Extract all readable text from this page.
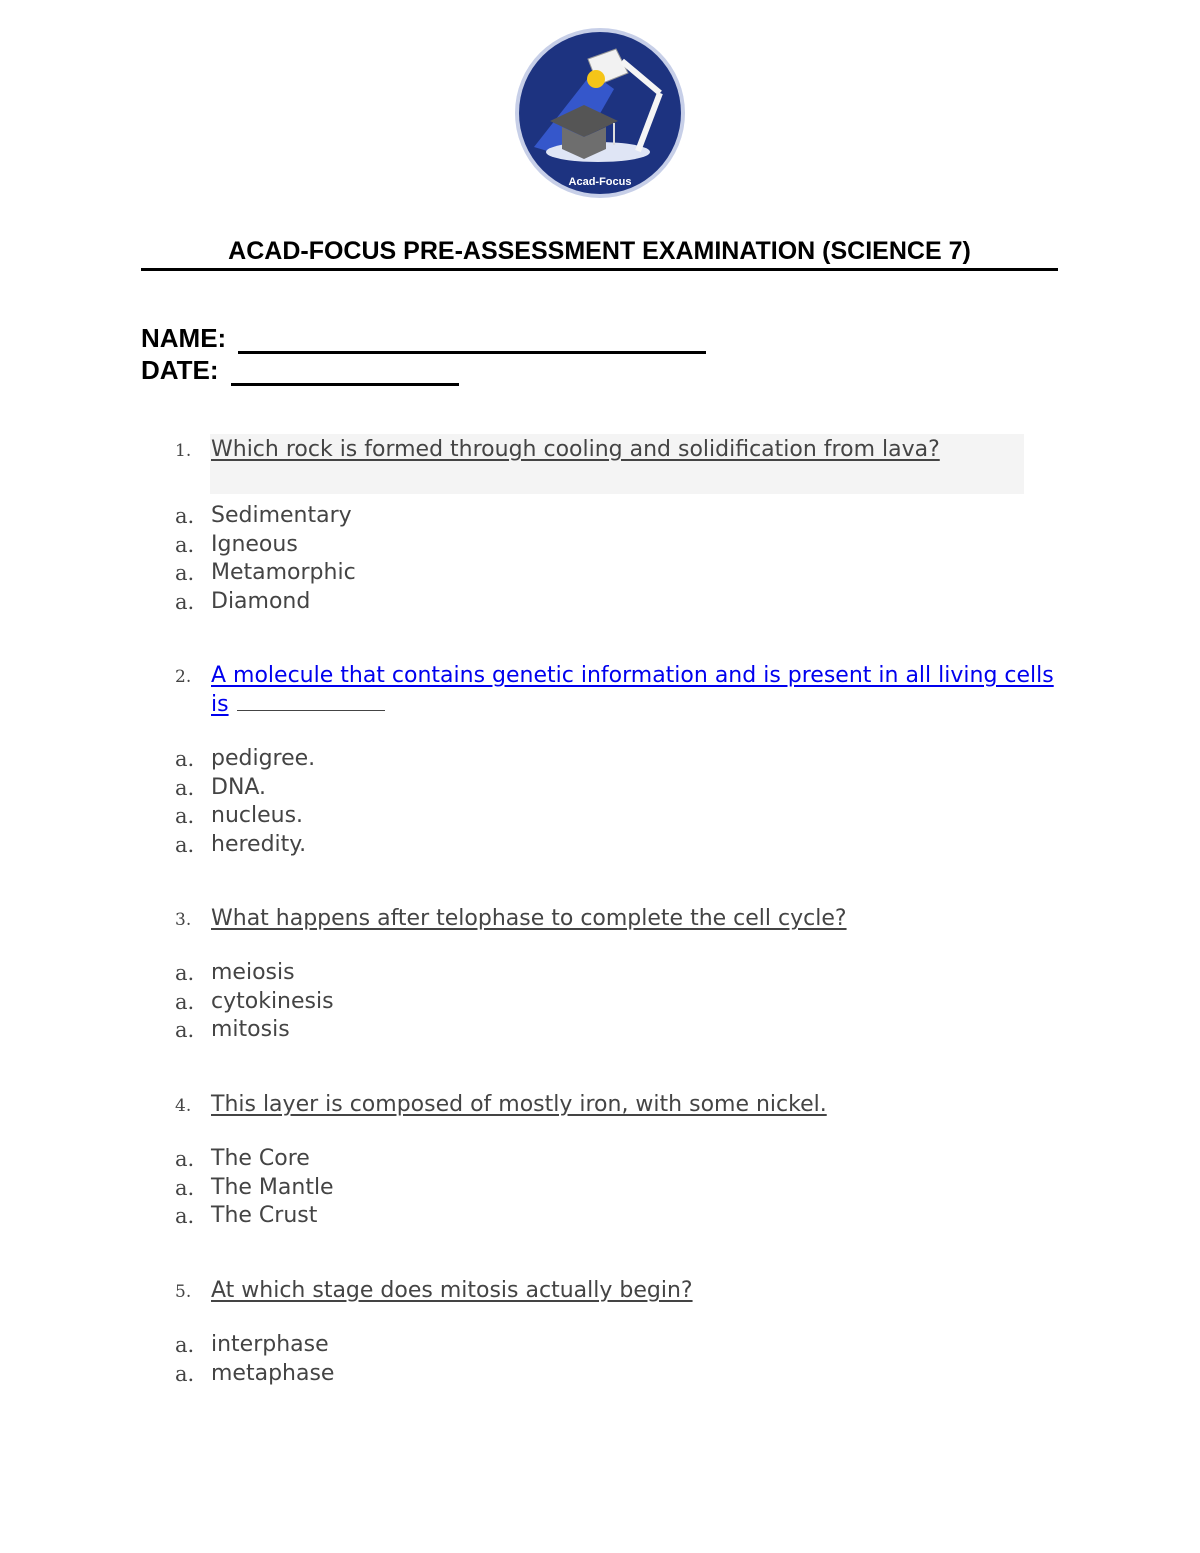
Acad-Focus
ACAD-FOCUS PRE-ASSESSMENT EXAMINATION (SCIENCE 7)
NAME:
DATE:
1. Which rock is formed through cooling and solidification from lava?
a. Sedimentary
a. Igneous
a. Metamorphic
a. Diamond
2. A molecule that contains genetic information and is present in all living cells is
a. pedigree.
a. DNA.
a. nucleus.
a. heredity.
3. What happens after telophase to complete the cell cycle?
a. meiosis
a. cytokinesis
a. mitosis
4. This layer is composed of mostly iron, with some nickel.
a. The Core
a. The Mantle
a. The Crust
5. At which stage does mitosis actually begin?
a. interphase
a. metaphase
